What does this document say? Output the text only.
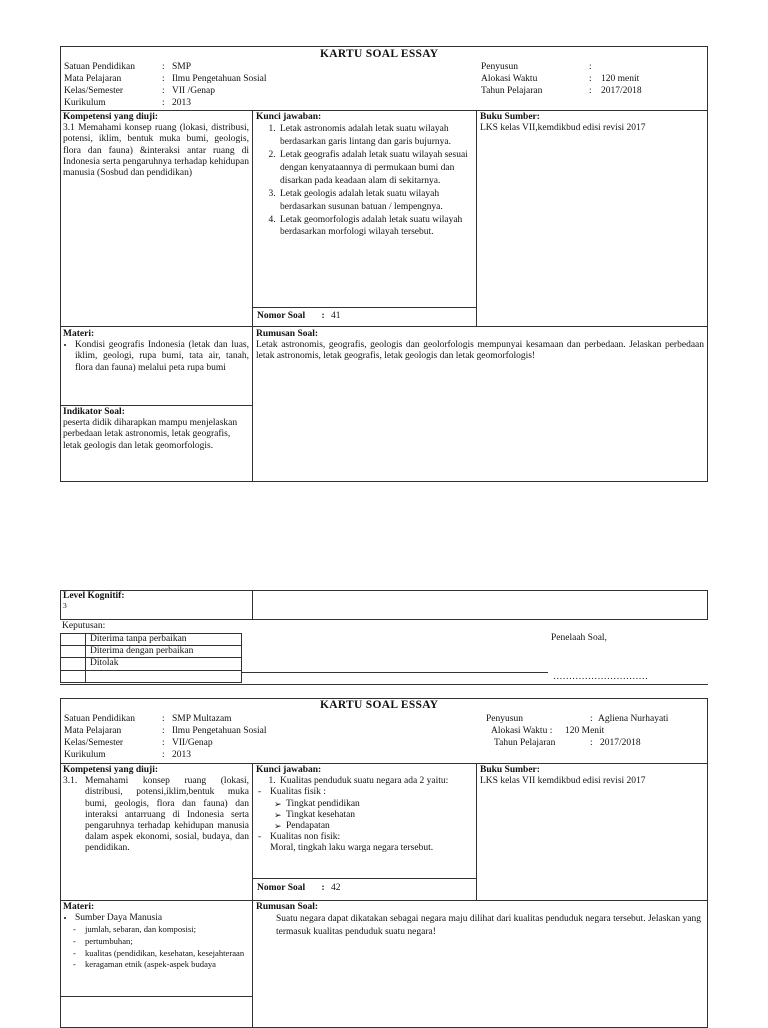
KARTU SOAL ESSAY
Satuan Pendidikan	: SMP
Mata Pelajaran	: Ilmu Pengetahuan Sosial
Kelas/Semester	: VII /Genap
Kurikulum	: 2013
Penyusun	:
Alokasi Waktu	: 120 menit
Tahun Pelajaran	: 2017/2018
Kompetensi yang diuji:
3.1 Memahami konsep ruang (lokasi, distribusi, potensi, iklim, bentuk muka bumi, geologis, flora dan fauna) &interaksi antar ruang di Indonesia serta pengaruhnya terhadap kehidupan manusia (Sosbud dan pendidikan)
Kunci jawaban:
1. Letak astronomis adalah letak suatu wilayah berdasarkan garis lintang dan garis bujurnya.
2. Letak geografis adalah letak suatu wilayah sesuai dengan kenyataannya di permukaan bumi dan disarkan pada keadaan alam di sekitarnya.
3. Letak geologis adalah letak suatu wilayah berdasarkan susunan batuan / lempengnya.
4. Letak geomorfologis adalah letak suatu wilayah berdasarkan morfologi wilayah tersebut.
Buku Sumber:
LKS kelas VII,kemdikbud edisi revisi 2017
Nomor Soal : 41
Materi:
• Kondisi geografis Indonesia (letak dan luas, iklim, geologi, rupa bumi, tata air, tanah, flora dan fauna) melalui peta rupa bumi
Rumusan Soal:
Letak astronomis, geografis, geologis dan geolorfologis mempunyai kesamaan dan perbedaan. Jelaskan perbedaan letak astronomis, letak geografis, letak geologis dan letak geomorfologis!
Indikator Soal:
peserta didik diharapkan mampu menjelaskan perbedaan letak astronomis, letak geografis, letak geologis dan letak geomorfologis.
Level Kognitif:
3
Keputusan:
	Diterima tanpa perbaikan
	Diterima dengan perbaikan
	Ditolak

Penelaah Soal,
…………………………
KARTU SOAL ESSAY
Satuan Pendidikan	: SMP Multazam
Mata Pelajaran	: Ilmu Pengetahuan Sosial
Kelas/Semester	: VII/Genap
Kurikulum	: 2013
Penyusun	: Agliena Nurhayati
Alokasi Waktu : 120 Menit
Tahun Pelajaran	: 2017/2018
Kompetensi yang diuji:
3.1. Memahami konsep ruang (lokasi, distribusi, potensi,iklim,bentuk muka bumi, geologis, flora dan fauna) dan interaksi antarruang di Indonesia serta pengaruhnya terhadap kehidupan manusia dalam aspek ekonomi, sosial, budaya, dan pendidikan.
Kunci jawaban:
1. Kualitas penduduk suatu negara ada 2 yaitu:
- Kualitas fisik :
➢ Tingkat pendidikan
➢ Tingkat kesehatan
➢ Pendapatan
- Kualitas non fisik:
Moral, tingkah laku warga negara tersebut.
Buku Sumber:
LKS kelas VII kemdikbud edisi revisi 2017
Nomor Soal : 42
Materi:
• Sumber Daya Manusia
- jumlah, sebaran, dan komposisi;
- pertumbuhan;
- kualitas (pendidikan, kesehatan, kesejahteraan
- keragaman etnik (aspek-aspek budaya
Rumusan Soal:
Suatu negara dapat dikatakan sebagai negara maju dilihat dari kualitas penduduk negara tersebut. Jelaskan yang termasuk kualitas penduduk suatu negara!
